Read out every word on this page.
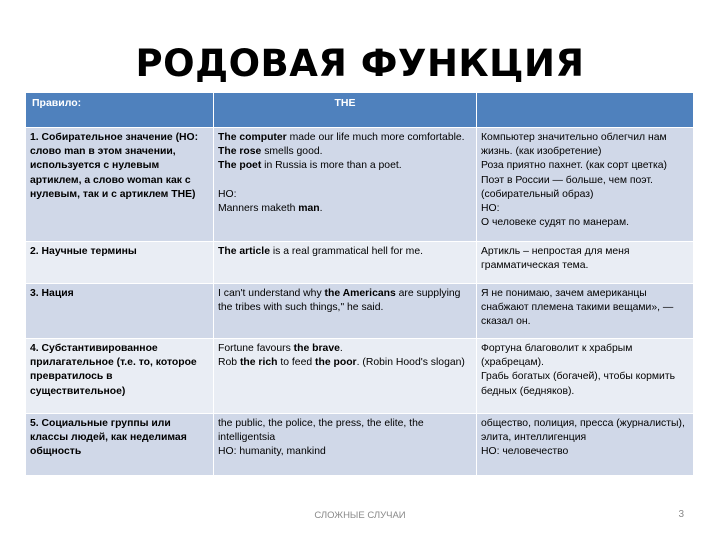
РОДОВАЯ ФУНКЦИЯ
Правило:	THE	
1. Собирательное значение (НО: слово man в этом значении, используется с нулевым артиклем, а слово woman как с нулевым, так и с артиклем THE)	The computer made our life much more comfortable.
The rose smells good.
The poet in Russia is more than a poet.
НО:
Manners maketh man.	Компьютер значительно облегчил нам жизнь. (как изобретение)
Роза приятно пахнет. (как сорт цветка)
Поэт в России — больше, чем поэт. (собирательный образ)
НО:
О человеке судят по манерам.

2. Научные термины	The article is a real grammatical hell for me.	Артикль – непростая для меня грамматическая тема.

3. Нация	I can't understand why the Americans are supplying the tribes with such things," he said.	Я не понимаю, зачем американцы снабжают племена такими вещами», — сказал он.

4. Субстантивированное прилагательное (т.е. то, которое превратилось в существительное)	Fortune favours the brave.
Rob the rich to feed the poor. (Robin Hood's slogan)	Фортуна благоволит к храбрым (храбрецам).
Грабь богатых (богачей), чтобы кормить бедных (бедняков).

5. Социальные группы или классы людей, как неделимая общность	the public, the police, the press, the elite, the intelligentsia
НО: humanity, mankind	общество, полиция, пресса (журналисты), элита, интеллигенция
НО: человечество
СЛОЖНЫЕ СЛУЧАИ	3
